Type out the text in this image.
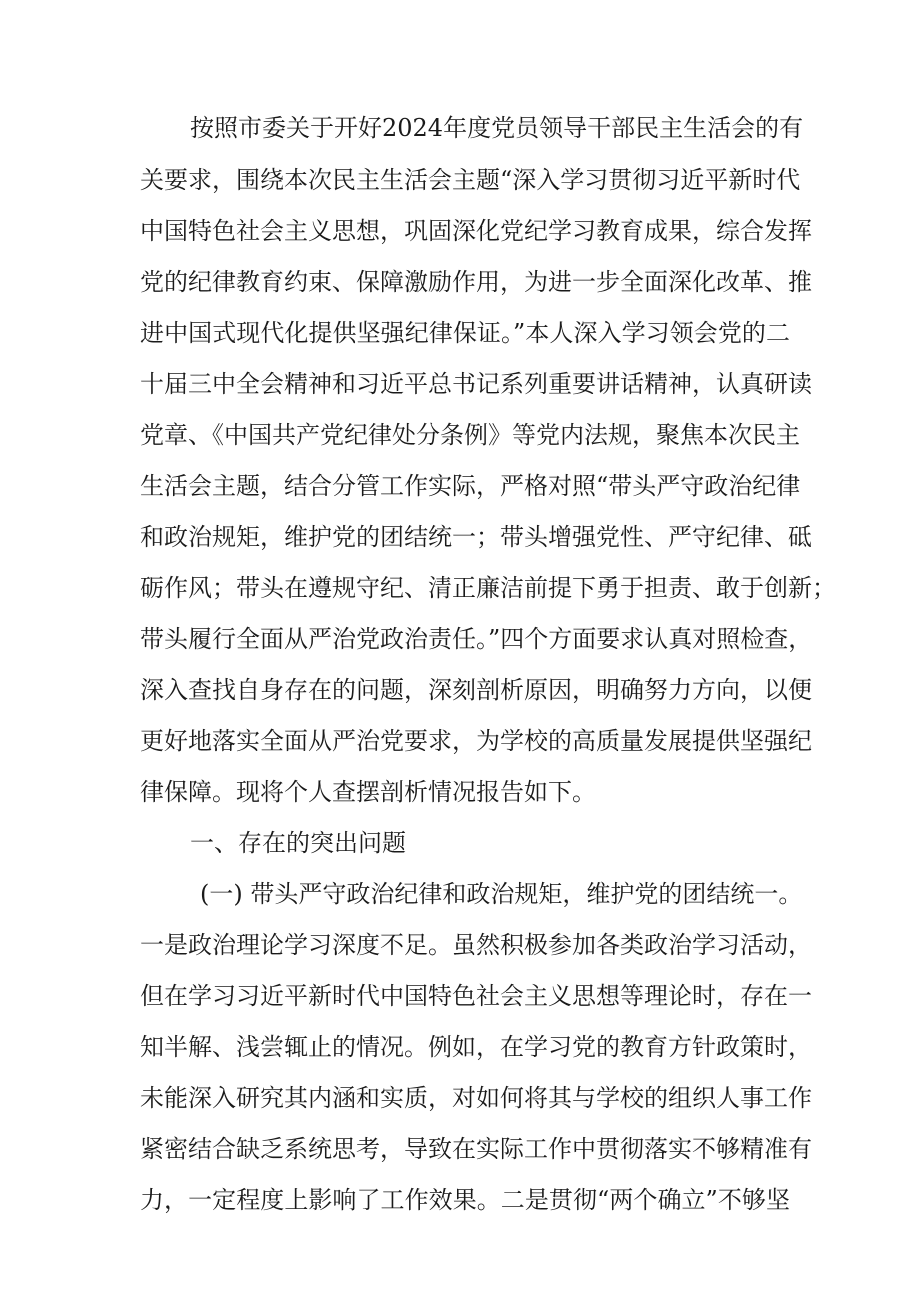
按照市委关于开好2024年度党员领导干部民主生活会的有
关要求，围绕本次民主生活会主题“深入学习贯彻习近平新时代
中国特色社会主义思想，巩固深化党纪学习教育成果，综合发挥
党的纪律教育约束、保障激励作用，为进一步全面深化改革、推
进中国式现代化提供坚强纪律保证。”本人深入学习领会党的二
十届三中全会精神和习近平总书记系列重要讲话精神，认真研读
党章、《中国共产党纪律处分条例》等党内法规，聚焦本次民主
生活会主题，结合分管工作实际，严格对照“带头严守政治纪律
和政治规矩，维护党的团结统一；带头增强党性、严守纪律、砥
砺作风；带头在遵规守纪、清正廉洁前提下勇于担责、敢于创新；
带头履行全面从严治党政治责任。”四个方面要求认真对照检查，
深入查找自身存在的问题，深刻剖析原因，明确努力方向，以便
更好地落实全面从严治党要求，为学校的高质量发展提供坚强纪
律保障。现将个人查摆剖析情况报告如下。
一、存在的突出问题
(一) 带头严守政治纪律和政治规矩，维护党的团结统一。
一是政治理论学习深度不足。虽然积极参加各类政治学习活动，
但在学习习近平新时代中国特色社会主义思想等理论时，存在一
知半解、浅尝辄止的情况。例如，在学习党的教育方针政策时，
未能深入研究其内涵和实质，对如何将其与学校的组织人事工作
紧密结合缺乏系统思考，导致在实际工作中贯彻落实不够精准有
力，一定程度上影响了工作效果。二是贯彻“两个确立”不够坚
